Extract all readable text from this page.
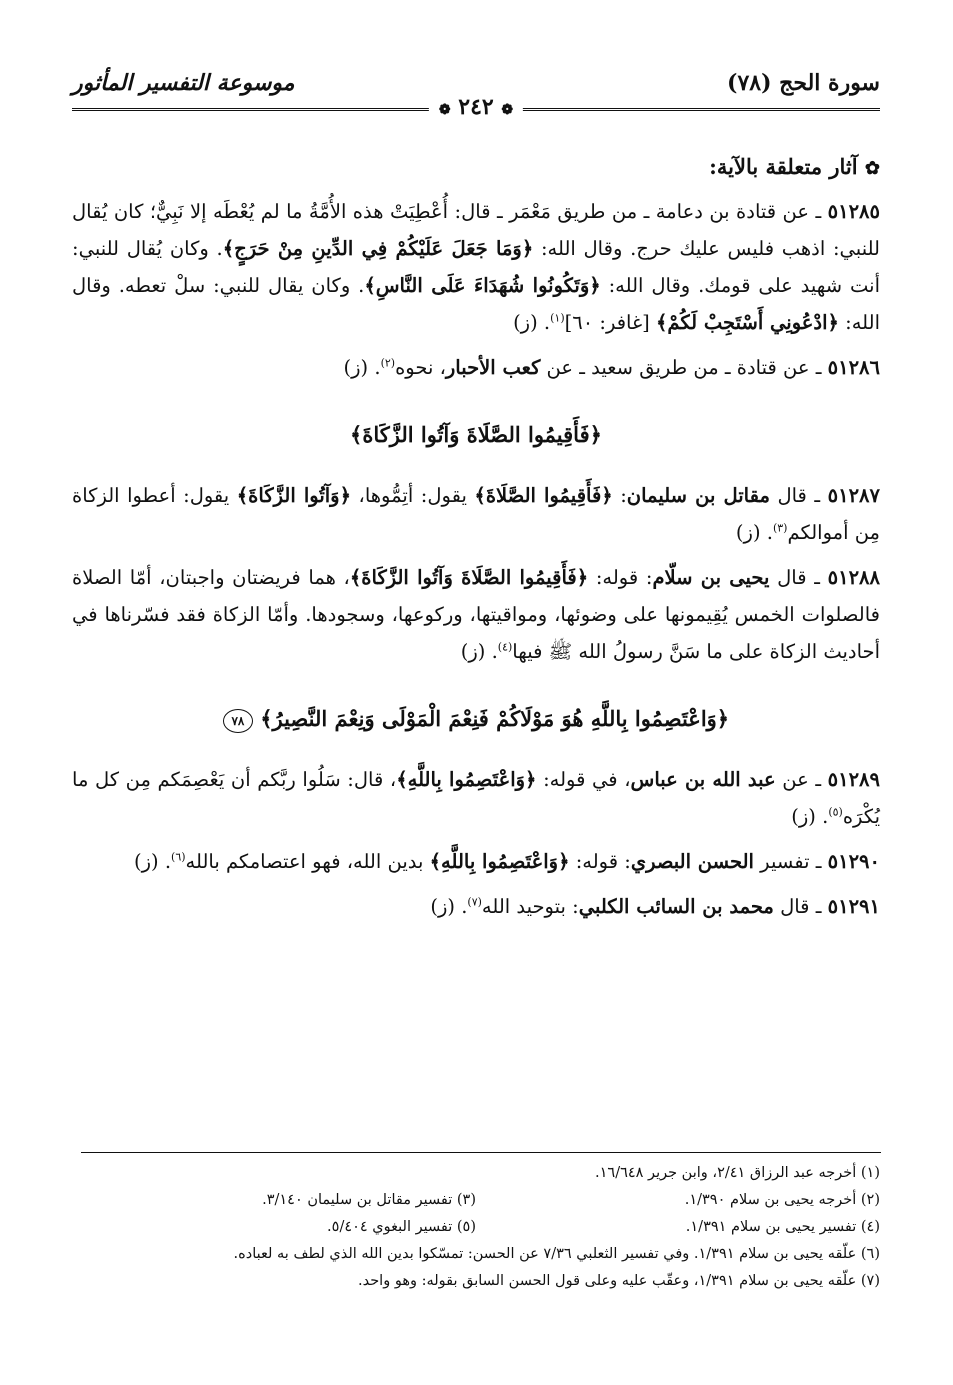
سورة الحج (٧٨)
موسوعة التفسير المأثور
❁ ٢٤٢ ❁
✿ آثار متعلقة بالآية:

٥١٢٨٥ ـ عن قتادة بن دعامة ـ من طريق مَعْمَر ـ قال: أُعْطِيَتْ هذه الأُمَّةُ ما لم يُعْطَه إلا نَبِيٌّ؛ كان يُقال للنبي: اذهب فليس عليك حرج. وقال الله: ﴿وَمَا جَعَلَ عَلَيْكُمْ فِي الدِّينِ مِنْ حَرَجٍ﴾. وكان يُقال للنبي: أنت شهيد على قومك. وقال الله: ﴿وَتَكُونُوا شُهَدَاءَ عَلَى النَّاسِ﴾. وكان يقال للنبي: سلْ تعطه. وقال الله: ﴿ادْعُونِي أَسْتَجِبْ لَكُمْ﴾ [غافر: ٦٠]$^{(١)}$. (ز)

٥١٢٨٦ ـ عن قتادة ـ من طريق سعيد ـ عن كعب الأحبار، نحوه$^{(٢)}$. (ز)

﴿فَأَقِيمُوا الصَّلَاةَ وَآتُوا الزَّكَاةَ﴾

٥١٢٨٧ ـ قال مقاتل بن سليمان: ﴿فَأَقِيمُوا الصَّلَاةَ﴾ يقول: أتِمُّوها، ﴿وَآتُوا الزَّكَاةَ﴾ يقول: أعطوا الزكاة مِن أموالكم$^{(٣)}$. (ز)

٥١٢٨٨ ـ قال يحيى بن سلّام: قوله: ﴿فَأَقِيمُوا الصَّلَاةَ وَآتُوا الزَّكَاةَ﴾، هما فريضتان واجبتان، أمّا الصلاة فالصلوات الخمس يُقِيمونها على وضوئها، ومواقيتها، وركوعها، وسجودها. وأمّا الزكاة فقد فسّرناها في أحاديث الزكاة على ما سَنَّ رسولُ الله ﷺ فيها$^{(٤)}$. (ز)

﴿وَاعْتَصِمُوا بِاللَّهِ هُوَ مَوْلَاكُمْ فَنِعْمَ الْمَوْلَى وَنِعْمَ النَّصِيرُ﴾ ٧٨

٥١٢٨٩ ـ عن عبد الله بن عباس، في قوله: ﴿وَاعْتَصِمُوا بِاللَّهِ﴾، قال: سَلُوا ربَّكم أن يَعْصِمَكم مِن كل ما يُكْرَه$^{(٥)}$. (ز)

٥١٢٩٠ ـ تفسير الحسن البصري: قوله: ﴿وَاعْتَصِمُوا بِاللَّهِ﴾ بدين الله، فهو اعتصامكم بالله$^{(٦)}$. (ز)

٥١٢٩١ ـ قال محمد بن السائب الكلبي: بتوحيد الله$^{(٧)}$. (ز)

(١) أخرجه عبد الرزاق ٢/٤١، وابن جرير ١٦/٦٤٨.
(٢) أخرجه يحيى بن سلام ١/٣٩٠.
(٣) تفسير مقاتل بن سليمان ٣/١٤٠.
(٤) تفسير يحيى بن سلام ١/٣٩١.
(٥) تفسير البغوي ٥/٤٠٤.
(٦) علّقه يحيى بن سلام ١/٣٩١. وفي تفسير الثعلبي ٧/٣٦ عن الحسن: تمسّكوا بدين الله الذي لطف به لعباده.
(٧) علّقه يحيى بن سلام ١/٣٩١، وعقّب عليه وعلى قول الحسن السابق بقوله: وهو واحد.
